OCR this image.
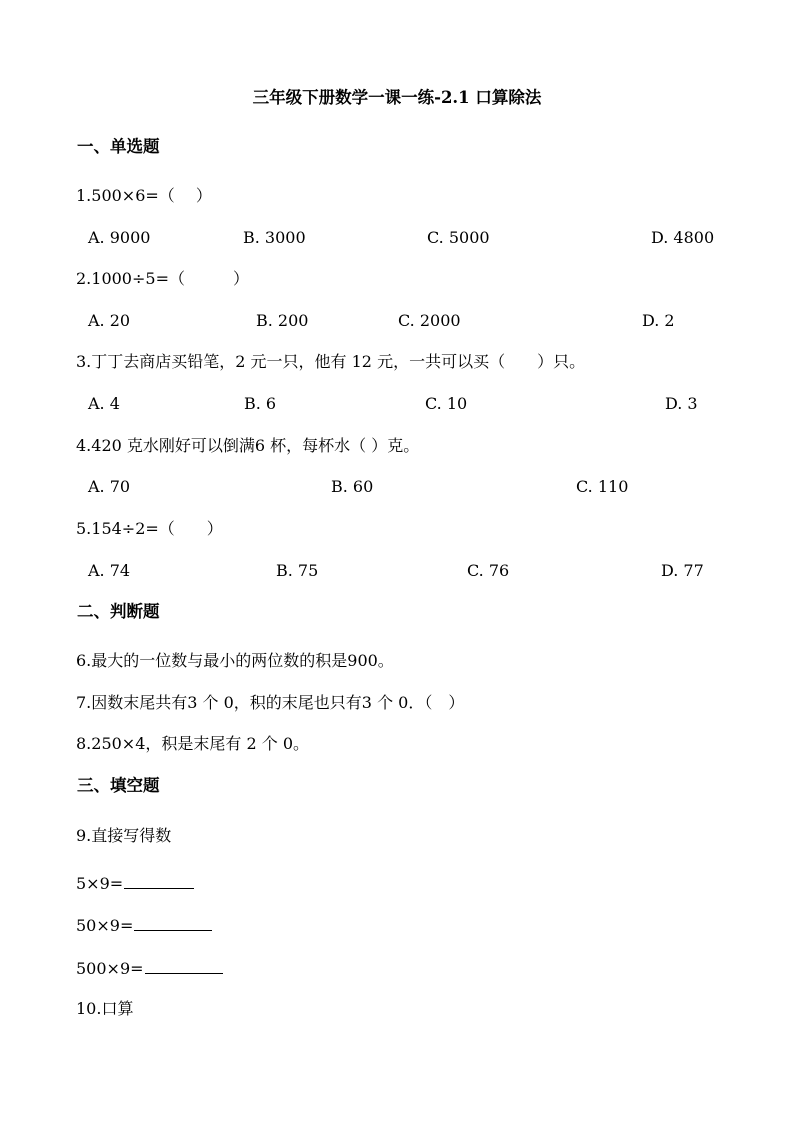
三年级下册数学一课一练-2.1 口算除法
一、单选题
1.500×6=（　 ）
A. 9000	B. 3000	C. 5000	D. 4800
2.1000÷5=（　　　）
A. 20	B. 200	C. 2000	D. 2
3.丁丁去商店买铅笔，2 元一只，他有 12 元，一共可以买（　　）只。
A. 4	B. 6	C. 10	D. 3
4.420 克水刚好可以倒满6 杯，每杯水（ ）克。
A. 70	B. 60	C. 110
5.154÷2=（　　）
A. 74	B. 75	C. 76	D. 77
二、判断题
6.最大的一位数与最小的两位数的积是900。
7.因数末尾共有3 个 0，积的末尾也只有3 个 0．（　）
8.250×4，积是末尾有 2 个 0。
三、填空题
9.直接写得数
5×9=
50×9=
500×9=
10.口算
